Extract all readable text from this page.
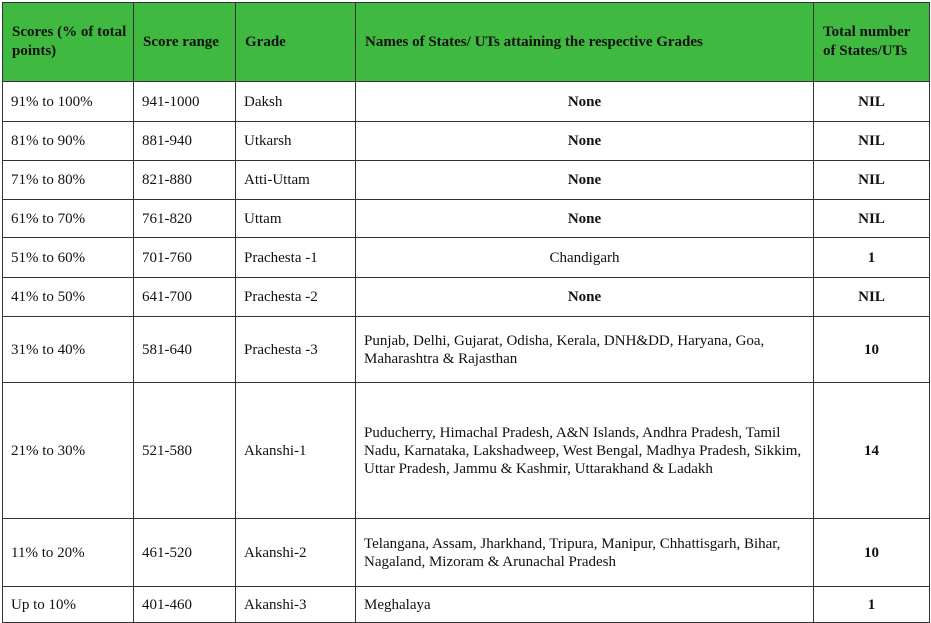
Scores (% of total points)	Score range	Grade	Names of States/ UTs attaining the respective Grades	Total number of States/UTs
91% to 100%	941-1000	Daksh	None	NIL
81% to 90%	881-940	Utkarsh	None	NIL
71% to 80%	821-880	Atti-Uttam	None	NIL
61% to 70%	761-820	Uttam	None	NIL
51% to 60%	701-760	Prachesta -1	Chandigarh	1
41% to 50%	641-700	Prachesta -2	None	NIL
31% to 40%	581-640	Prachesta -3	Punjab, Delhi, Gujarat, Odisha, Kerala, DNH&DD, Haryana, Goa, Maharashtra & Rajasthan	10
21% to 30%	521-580	Akanshi-1	Puducherry, Himachal Pradesh, A&N Islands, Andhra Pradesh, Tamil Nadu, Karnataka, Lakshadweep, West Bengal, Madhya Pradesh, Sikkim, Uttar Pradesh, Jammu & Kashmir, Uttarakhand & Ladakh	14
11% to 20%	461-520	Akanshi-2	Telangana, Assam, Jharkhand, Tripura, Manipur, Chhattisgarh, Bihar, Nagaland, Mizoram & Arunachal Pradesh	10
Up to 10%	401-460	Akanshi-3	Meghalaya	1
